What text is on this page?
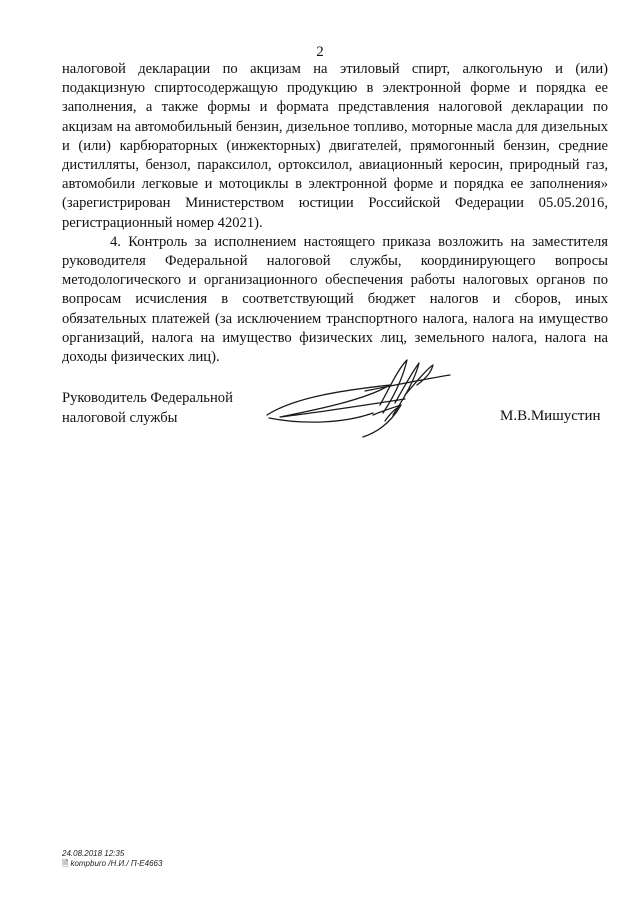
2

налоговой декларации по акцизам на этиловый спирт, алкогольную и (или) подакцизную спиртосодержащую продукцию в электронной форме и порядка ее заполнения, а также формы и формата представления налоговой декларации по акцизам на автомобильный бензин, дизельное топливо, моторные масла для дизельных и (или) карбюраторных (инжекторных) двигателей, прямогонный бензин, средние дистилляты, бензол, параксилол, ортоксилол, авиационный керосин, природный газ, автомобили легковые и мотоциклы в электронной форме и порядка ее заполнения» (зарегистрирован Министерством юстиции Российской Федерации 05.05.2016, регистрационный номер 42021).

4. Контроль за исполнением настоящего приказа возложить на заместителя руководителя Федеральной налоговой службы, координирующего вопросы методологического и организационного обеспечения работы налоговых органов по вопросам исчисления в соответствующий бюджет налогов и сборов, иных обязательных платежей (за исключением транспортного налога, налога на имущество организаций, налога на имущество физических лиц, земельного налога, налога на доходы физических лиц).

Руководитель Федеральной
налоговой службы	М.В.Мишустин
24.08.2018 12:35
🗎 kompburo /Н.И./ П-Е4663
